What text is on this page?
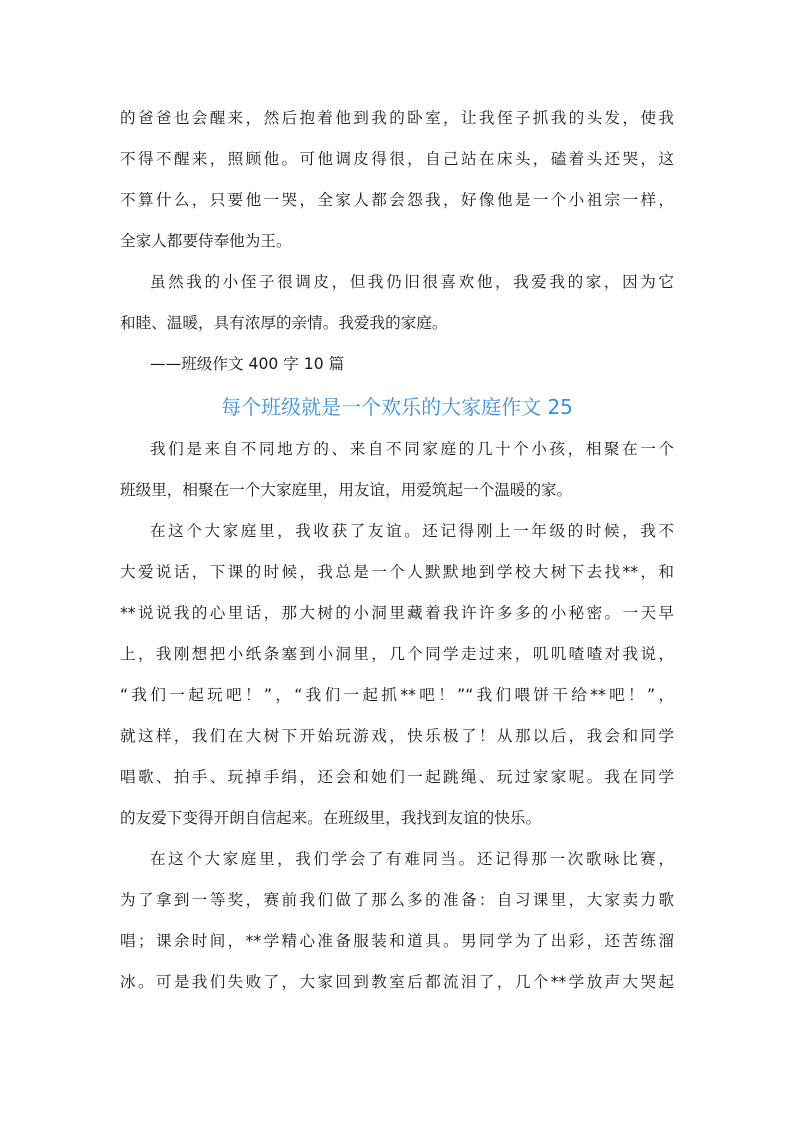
的爸爸也会醒来，然后抱着他到我的卧室，让我侄子抓我的头发，使我
不得不醒来，照顾他。可他调皮得很，自己站在床头，磕着头还哭，这
不算什么，只要他一哭，全家人都会怨我，好像他是一个小祖宗一样，
全家人都要侍奉他为王。
虽然我的小侄子很调皮，但我仍旧很喜欢他，我爱我的家，因为它
和睦、温暖，具有浓厚的亲情。我爱我的家庭。
——班级作文 400 字 10 篇
每个班级就是一个欢乐的大家庭作文 25
我们是来自不同地方的、来自不同家庭的几十个小孩，相聚在一个
班级里，相聚在一个大家庭里，用友谊，用爱筑起一个温暖的家。
在这个大家庭里，我收获了友谊。还记得刚上一年级的时候，我不
大爱说话，下课的时候，我总是一个人默默地到学校大树下去找**，和
**说说我的心里话，那大树的小洞里藏着我许许多多的小秘密。一天早
上，我刚想把小纸条塞到小洞里，几个同学走过来，叽叽喳喳对我说，
“我们一起玩吧！”，“我们一起抓**吧！”“我们喂饼干给**吧！”，
就这样，我们在大树下开始玩游戏，快乐极了！从那以后，我会和同学
唱歌、拍手、玩掉手绢，还会和她们一起跳绳、玩过家家呢。我在同学
的友爱下变得开朗自信起来。在班级里，我找到友谊的快乐。
在这个大家庭里，我们学会了有难同当。还记得那一次歌咏比赛，
为了拿到一等奖，赛前我们做了那么多的准备：自习课里，大家卖力歌
唱；课余时间，**学精心准备服装和道具。男同学为了出彩，还苦练溜
冰。可是我们失败了，大家回到教室后都流泪了，几个**学放声大哭起
